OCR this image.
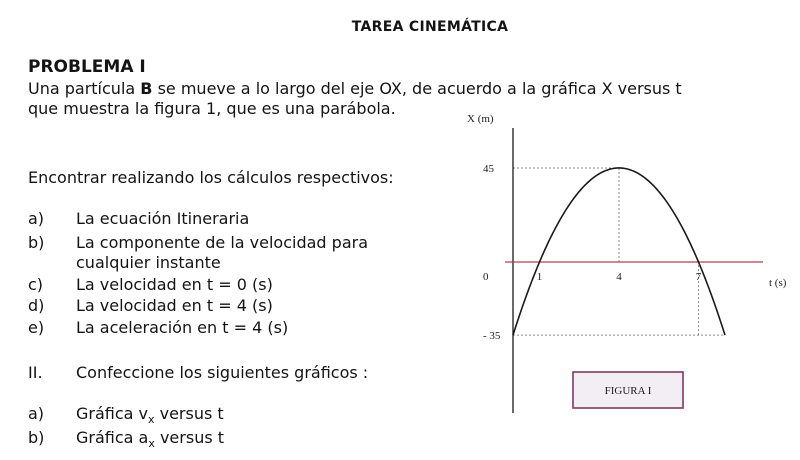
TAREA CINEMÁTICA
PROBLEMA I
Una partícula B se mueve a lo largo del eje OX, de acuerdo a la gráfica X versus t
que muestra la figura 1, que es una parábola.
Encontrar realizando los cálculos respectivos:
a) La ecuación Itineraria
b) La componente de la velocidad para
cualquier instante
c) La velocidad en t = 0 (s)
d) La velocidad en t = 4 (s)
e) La aceleración en t = 4 (s)
II. Confeccione los siguientes gráficos :
a) Gráfica $v_x$ versus t
b) Gráfica $a_x$ versus t
X (m)
t (s)
1	4	7
45
0
- 35
FIGURA I
